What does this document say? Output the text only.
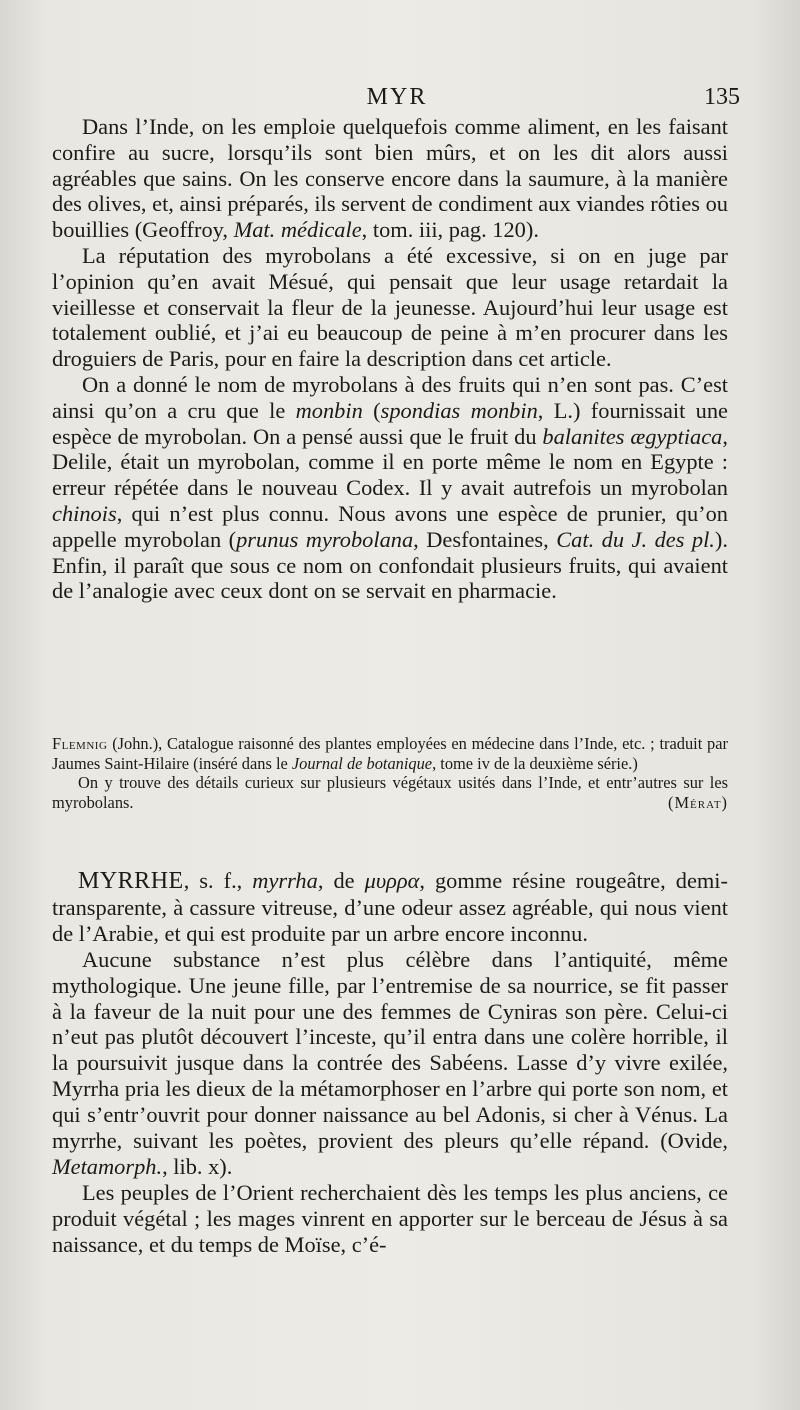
MYR	135

Dans l’Inde, on les emploie quelquefois comme aliment, en les faisant confire au sucre, lorsqu’ils sont bien mûrs, et on les dit alors aussi agréables que sains. On les conserve encore dans la saumure, à la manière des olives, et, ainsi préparés, ils servent de condiment aux viandes rôties ou bouillies (Geoffroy, Mat. médicale, tom. iii, pag. 120).

La réputation des myrobolans a été excessive, si on en juge par l’opinion qu’en avait Mésué, qui pensait que leur usage retardait la vieillesse et conservait la fleur de la jeunesse. Aujourd’hui leur usage est totalement oublié, et j’ai eu beaucoup de peine à m’en procurer dans les droguiers de Paris, pour en faire la description dans cet article.

On a donné le nom de myrobolans à des fruits qui n’en sont pas. C’est ainsi qu’on a cru que le monbin (spondias monbin, L.) fournissait une espèce de myrobolan. On a pensé aussi que le fruit du balanites ægyptiaca, Delile, était un myrobolan, comme il en porte même le nom en Egypte : erreur répétée dans le nouveau Codex. Il y avait autrefois un myrobolan chinois, qui n’est plus connu. Nous avons une espèce de prunier, qu’on appelle myrobolan (prunus myrobolana, Desfontaines, Cat. du J. des pl.). Enfin, il paraît que sous ce nom on confondait plusieurs fruits, qui avaient de l’analogie avec ceux dont on se servait en pharmacie.

Flemnig (John.), Catalogue raisonné des plantes employées en médecine dans l’Inde, etc. ; traduit par Jaumes Saint-Hilaire (inséré dans le Journal de botanique, tome iv de la deuxième série.)

On y trouve des détails curieux sur plusieurs végétaux usités dans l’Inde, et entr’autres sur les myrobolans.	(Mérat)

MYRRHE, s. f., myrrha, de μυρρα, gomme résine rougeâtre, demi-transparente, à cassure vitreuse, d’une odeur assez agréable, qui nous vient de l’Arabie, et qui est produite par un arbre encore inconnu.

Aucune substance n’est plus célèbre dans l’antiquité, même mythologique. Une jeune fille, par l’entremise de sa nourrice, se fit passer à la faveur de la nuit pour une des femmes de Cyniras son père. Celui-ci n’eut pas plutôt découvert l’inceste, qu’il entra dans une colère horrible, il la poursuivit jusque dans la contrée des Sabéens. Lasse d’y vivre exilée, Myrrha pria les dieux de la métamorphoser en l’arbre qui porte son nom, et qui s’entr’ouvrit pour donner naissance au bel Adonis, si cher à Vénus. La myrrhe, suivant les poètes, provient des pleurs qu’elle répand. (Ovide, Metamorph., lib. x).

Les peuples de l’Orient recherchaient dès les temps les plus anciens, ce produit végétal ; les mages vinrent en apporter sur le berceau de Jésus à sa naissance, et du temps de Moïse, c’é-
